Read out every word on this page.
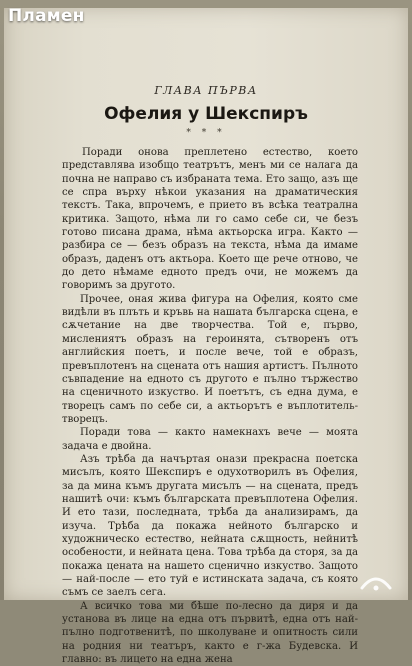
Пламен
ГЛАВА ПЪРВА
Офелия у Шекспиръ
* * *

Поради онова преплетено естество, което представлява изобщо театрътъ, менъ ми се налага да почна не направо съ избраната тема. Ето защо, азъ ще се спра върху нѣкои указания на драматическия текстъ. Така, впрочемъ, е прието въ всѣка театрална критика. Защото, нѣма ли го само себе си, че безъ готово писана драма, нѣма актьорска игра. Както — разбира се — безъ образъ на текста, нѣма да имаме образъ, даденъ отъ актьора. Което ще рече отново, че до дето нѣмаме едното предъ очи, не можемъ да говоримъ за другото.

Прочее, оная жива фигура на Офелия, която сме видѣли въ плъть и кръвь на нашата българска сцена, е сѫчетание на две творчества. Той е, първо, мислениятъ образъ на героинята, сътворенъ отъ английския поетъ, и после вече, той е образъ, превъплотенъ на сцената отъ нашия артистъ. Пълното съвпадение на едното съ другото е пълно тържество на сценичното изкуство. И поетътъ, съ една дума, е творецъ самъ по себе си, а актьорътъ е въплотитель-творецъ.

Поради това — както намекнахъ вече — моята задача е двойна.

Азъ трѣба да начъртая онази прекрасна поетска мисълъ, която Шекспиръ е одухотворилъ въ Офелия, за да мина къмъ другата мисълъ — на сцената, предъ нашитѣ очи: къмъ българската превъплотена Офелия. И ето тази, последната, трѣба да анализирамъ, да изуча. Трѣба да покажа нейното българско и художническо естество, нейната сѫщность, нейнитѣ особености, и нейната цена. Това трѣба да сторя, за да покажа цената на нашето сценично изкуство. Защото — най-после — ето туй е истинската задача, съ която съмъ се заелъ сега.

А всичко това ми бѣше по-лесно да диря и да установа въ лице на една отъ първитѣ, една отъ най-пълно подготвенитѣ, по школуване и опитность сили на родния ни театъръ, както е г-жа Будевска. И главно: въ лицето на една жена
